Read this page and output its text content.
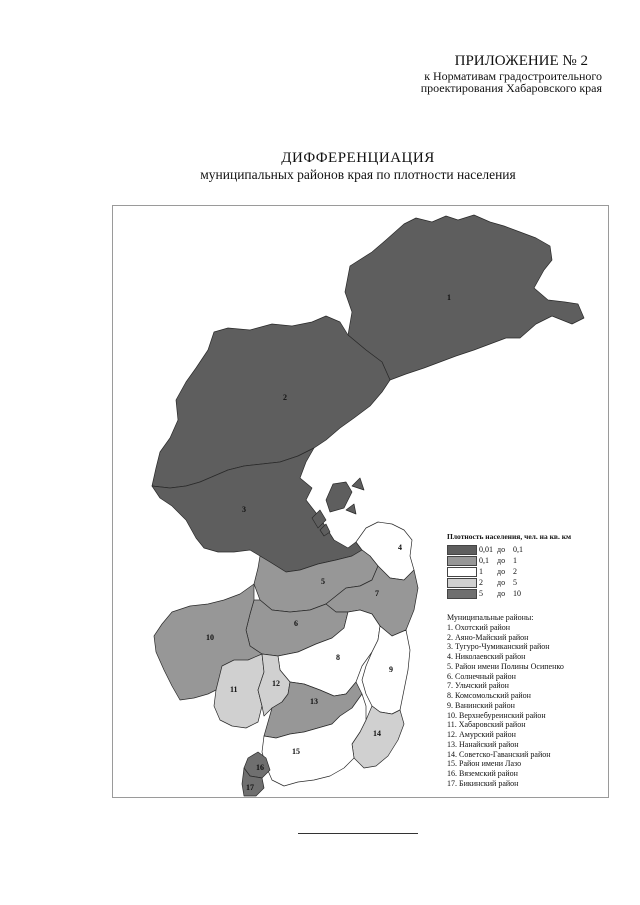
ПРИЛОЖЕНИЕ № 2
к Нормативам градостроительного
проектирования Хабаровского края
ДИФФЕРЕНЦИАЦИЯ
муниципальных районов края по плотности населения
1
2
3
4
5
6
7
8
9
10
11
12
13
14
15
16
17
Плотность населения, чел. на кв. км
0,01 до 0,1
0,1	до 1
1	до 2
2	до 5
5	до 10
Муниципальные районы:
1. Охотский район
2. Аяно-Майский район
3. Тугуро-Чумиканский район
4. Николаевский район
5. Район имени Полины Осипенко
6. Солнечный район
7. Ульчский район
8. Комсомольский район
9. Ванинский район
10. Верхнебуреинский район
11. Хабаровский район
12. Амурский район
13. Нанайский район
14. Советско-Гаванский район
15. Район имени Лазо
16. Вяземский район
17. Бикинский район
